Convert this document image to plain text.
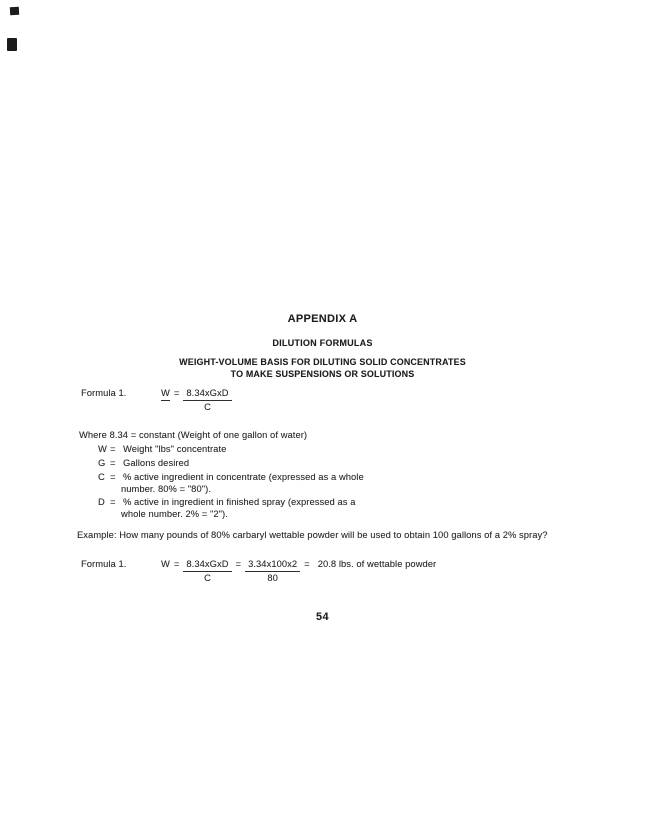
APPENDIX A
DILUTION FORMULAS
WEIGHT-VOLUME BASIS FOR DILUTING SOLID CONCENTRATES
TO MAKE SUSPENSIONS OR SOLUTIONS
Formula 1.	$W = \frac{\text{8.34xGxD}}{C}$
Where 8.34 = constant (Weight of one gallon of water)
W = Weight "lbs" concentrate
G = Gallons desired
C = % active ingredient in concentrate (expressed as a whole
number. 80% = "80").
D = % active in ingredient in finished spray (expressed as a
whole number. 2% = "2").
Example: How many pounds of 80% carbaryl wettable powder will be used to obtain 100 gallons of a 2% spray?
Formula 1.	$W = \frac{\text{8.34xGxD}}{C} = \frac{3.34x100x2}{80} = 20.8$ lbs. of wettable powder
54
